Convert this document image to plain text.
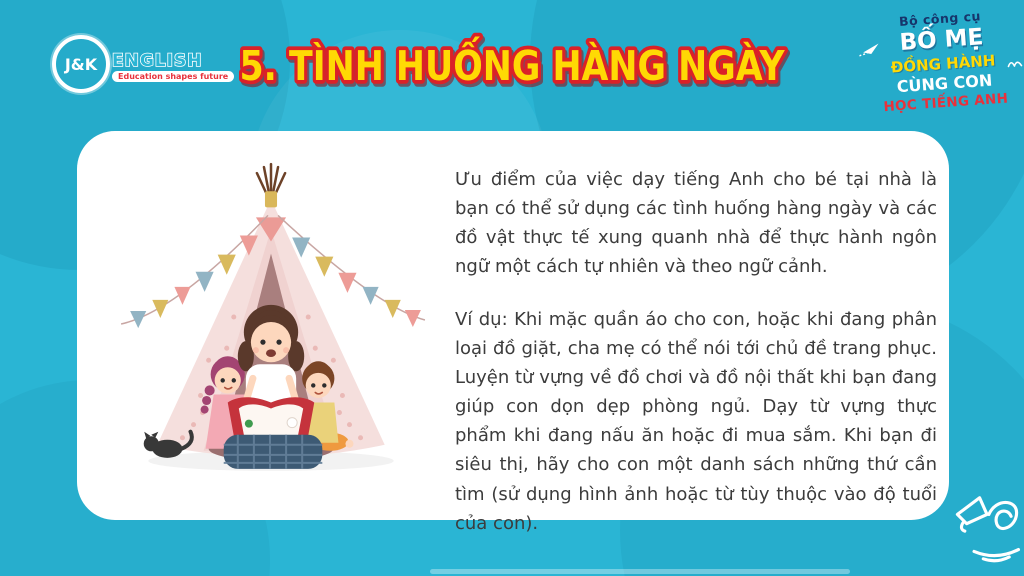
J&K ENGLISH
Education shapes future 5. TÌNH HUỐNG HÀNG NGÀY
Bộ công cụ
BỐ MẸ
ĐỒNG HÀNH
CÙNG CON
HỌC TIẾNG ANH

Ưu điểm của việc dạy tiếng Anh cho bé tại nhà là bạn có thể sử dụng các tình huống hàng ngày và các đồ vật thực tế xung quanh nhà để thực hành ngôn ngữ một cách tự nhiên và theo ngữ cảnh.

Ví dụ: Khi mặc quần áo cho con, hoặc khi đang phân loại đồ giặt, cha mẹ có thể nói tới chủ đề trang phục. Luyện từ vựng về đồ chơi và đồ nội thất khi bạn đang giúp con dọn dẹp phòng ngủ. Dạy từ vựng thực phẩm khi đang nấu ăn hoặc đi mua sắm. Khi bạn đi siêu thị, hãy cho con một danh sách những thứ cần tìm (sử dụng hình ảnh hoặc từ tùy thuộc vào độ tuổi của con).
